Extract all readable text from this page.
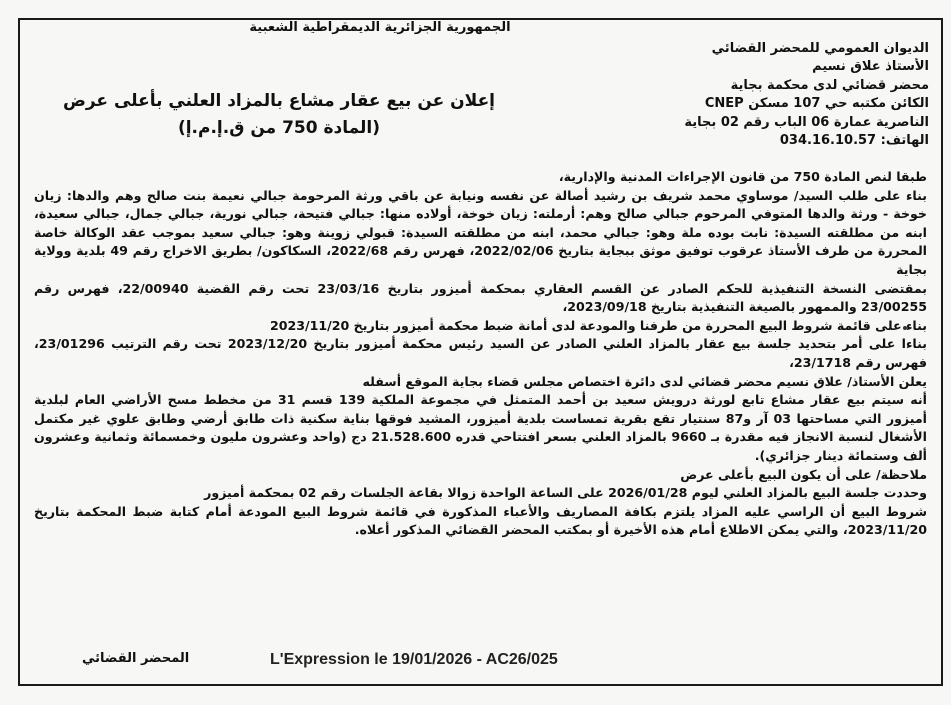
الجمهورية الجزائرية الديمقراطية الشعبية
الديوان العمومي للمحضر القضائي
الأستاذ علاق نسيم
محضر قضائي لدى محكمة بجاية
الكائن مكتبه حي 107 مسكن CNEP
الناصرية عمارة 06 الباب رقم 02 بجاية
الهاتف: 034.16.10.57
إعلان عن بيع عقار مشاع بالمزاد العلني بأعلى عرض
(المادة 750 من ق.إ.م.إ)

طبقا لنص المادة 750 من قانون الإجراءات المدنية والإدارية،

بناء على طلب السيد/ موساوي محمد شريف بن رشيد أصالة عن نفسه ونيابة عن باقي ورثة المرحومة جبالي نعيمة بنت صالح وهم والدها: زيان خوخة - ورثة والدها المتوفي المرحوم جبالي صالح وهم: أرملته: زيان خوخة، أولاده منها: جبالي فتيحة، جبالي نورية، جبالي جمال، جبالي سعيدة، ابنه من مطلقته السيدة: نابت بوده ملة وهو: جبالي محمد، ابنه من مطلقته السيدة: قبولي زوينة وهو: جبالي سعيد بموجب عقد الوكالة خاصة المحررة من طرف الأستاذ عرقوب توفيق موثق ببجاية بتاريخ 2022/02/06، فهرس رقم 2022/68، السكاكون/ بطريق الاخراج رقم 49 بلدية وولاية بجاية

بمقتضى النسخة التنفيذية للحكم الصادر عن القسم العقاري بمحكمة أميزور بتاريخ 23/03/16 تحت رقم القضية 22/00940، فهرس رقم 23/00255 والممهور بالصيغة التنفيذية بتاريخ 2023/09/18،

بناء على قائمة شروط البيع المحررة من طرفنا والمودعة لدى أمانة ضبط محكمة أميزور بتاريخ 2023/11/20

بناءا على أمر بتحديد جلسة بيع عقار بالمزاد العلني الصادر عن السيد رئيس محكمة أميزور بتاريخ 2023/12/20 تحت رقم الترتيب 23/01296، فهرس رقم 23/1718،

يعلن الأستاذ/ علاق نسيم محضر قضائي لدى دائرة اختصاص مجلس قضاء بجاية الموقع أسفله

أنه سيتم بيع عقار مشاع تابع لورثة درويش سعيد بن أحمد المتمثل في مجموعة الملكية 139 قسم 31 من مخطط مسح الأراضي العام لبلدية أميزور التي مساحتها 03 آر و87 سنتيار تقع بقرية تمساست بلدية أميزور، المشيد فوقها بناية سكنية ذات طابق أرضي وطابق علوي غير مكتمل الأشغال لنسبة الانجاز فيه مقدرة بـ 9660 بالمزاد العلني بسعر افتتاحي قدره 21.528.600 دج (واحد وعشرون مليون وخمسمائة وثمانية وعشرون ألف وستمائة دينار جزائري).

ملاحظة/ على أن يكون البيع بأعلى عرض

وحددت جلسة البيع بالمزاد العلني ليوم 2026/01/28 على الساعة الواحدة زوالا بقاعة الجلسات رقم 02 بمحكمة أميزور

شروط البيع أن الراسي عليه المزاد يلتزم بكافة المصاريف والأعباء المذكورة في قائمة شروط البيع المودعة أمام كتابة ضبط المحكمة بتاريخ 2023/11/20، والتي يمكن الاطلاع أمام هذه الأخيرة أو بمكتب المحضر القضائي المذكور أعلاه.

المحضر القضائي	L'Expression le 19/01/2026 - AC26/025
